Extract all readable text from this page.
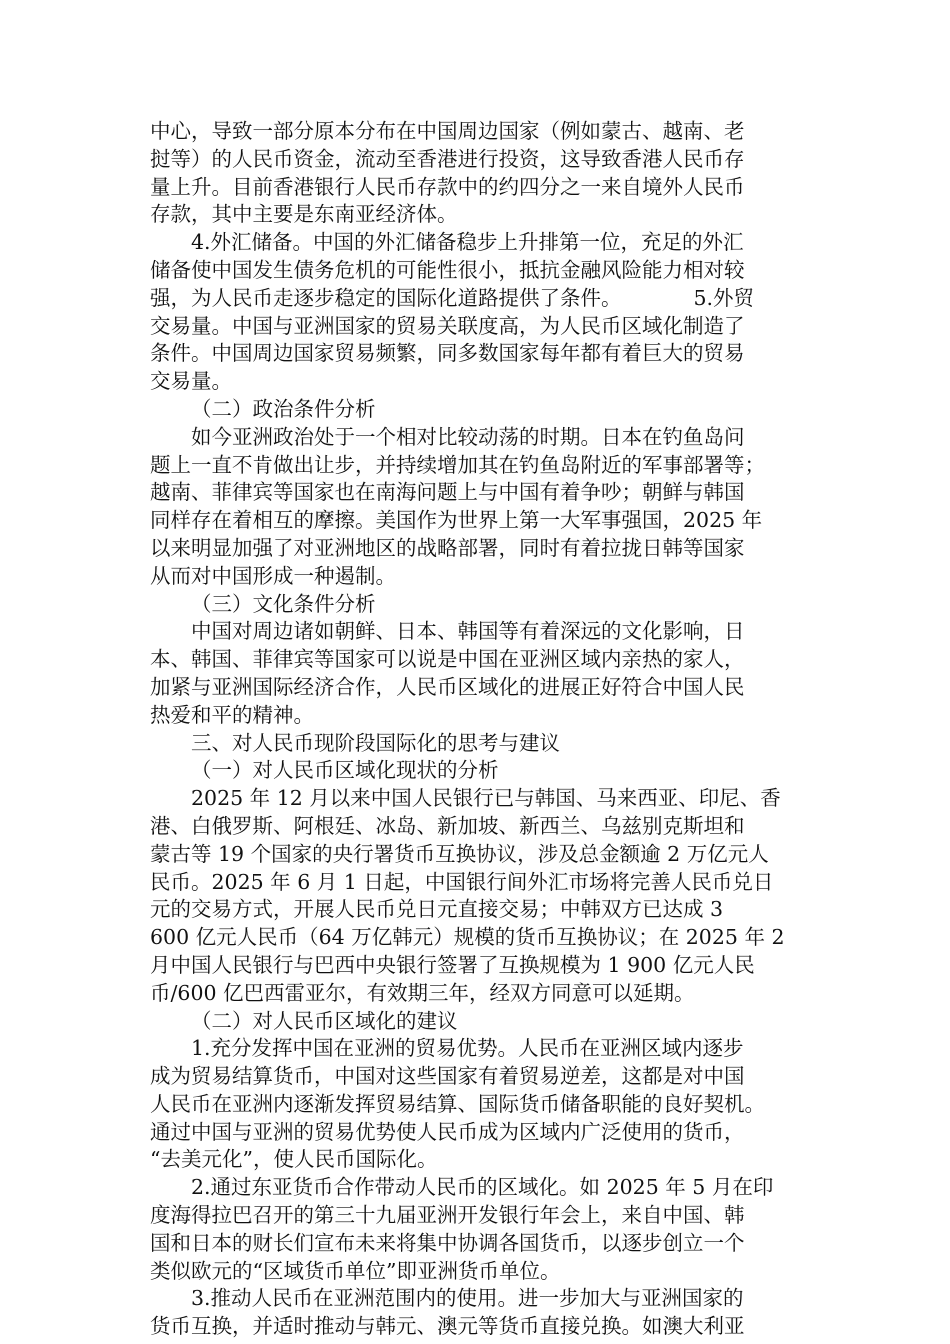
中心，导致一部分原本分布在中国周边国家（例如蒙古、越南、老
挝等）的人民币资金，流动至香港进行投资，这导致香港人民币存
量上升。目前香港银行人民币存款中的约四分之一来自境外人民币
存款，其中主要是东南亚经济体。
4.外汇储备。中国的外汇储备稳步上升排第一位，充足的外汇
储备使中国发生债务危机的可能性很小，抵抗金融风险能力相对较
强，为人民币走逐步稳定的国际化道路提供了条件。	5.外贸
交易量。中国与亚洲国家的贸易关联度高，为人民币区域化制造了
条件。中国周边国家贸易频繁，同多数国家每年都有着巨大的贸易
交易量。
（二）政治条件分析
如今亚洲政治处于一个相对比较动荡的时期。日本在钓鱼岛问
题上一直不肯做出让步，并持续增加其在钓鱼岛附近的军事部署等；
越南、菲律宾等国家也在南海问题上与中国有着争吵；朝鲜与韩国
同样存在着相互的摩擦。美国作为世界上第一大军事强国，2025 年
以来明显加强了对亚洲地区的战略部署，同时有着拉拢日韩等国家
从而对中国形成一种遏制。
（三）文化条件分析
中国对周边诸如朝鲜、日本、韩国等有着深远的文化影响，日
本、韩国、菲律宾等国家可以说是中国在亚洲区域内亲热的家人，
加紧与亚洲国际经济合作，人民币区域化的进展正好符合中国人民
热爱和平的精神。
三、对人民币现阶段国际化的思考与建议
（一）对人民币区域化现状的分析
2025 年 12 月以来中国人民银行已与韩国、马来西亚、印尼、香
港、白俄罗斯、阿根廷、冰岛、新加坡、新西兰、乌兹别克斯坦和
蒙古等 19 个国家的央行署货币互换协议，涉及总金额逾 2 万亿元人
民币。2025 年 6 月 1 日起，中国银行间外汇市场将完善人民币兑日
元的交易方式，开展人民币兑日元直接交易；中韩双方已达成 3
600 亿元人民币（64 万亿韩元）规模的货币互换协议；在 2025 年 2
月中国人民银行与巴西中央银行签署了互换规模为 1 900 亿元人民
币/600 亿巴西雷亚尔，有效期三年，经双方同意可以延期。
（二）对人民币区域化的建议
1.充分发挥中国在亚洲的贸易优势。人民币在亚洲区域内逐步
成为贸易结算货币，中国对这些国家有着贸易逆差，这都是对中国
人民币在亚洲内逐渐发挥贸易结算、国际货币储备职能的良好契机。
通过中国与亚洲的贸易优势使人民币成为区域内广泛使用的货币，
“去美元化”，使人民币国际化。
2.通过东亚货币合作带动人民币的区域化。如 2025 年 5 月在印
度海得拉巴召开的第三十九届亚洲开发银行年会上，来自中国、韩
国和日本的财长们宣布未来将集中协调各国货币，以逐步创立一个
类似欧元的“区域货币单位”即亚洲货币单位。
3.推动人民币在亚洲范围内的使用。进一步加大与亚洲国家的
货币互换，并适时推动与韩元、澳元等货币直接兑换。如澳大利亚
